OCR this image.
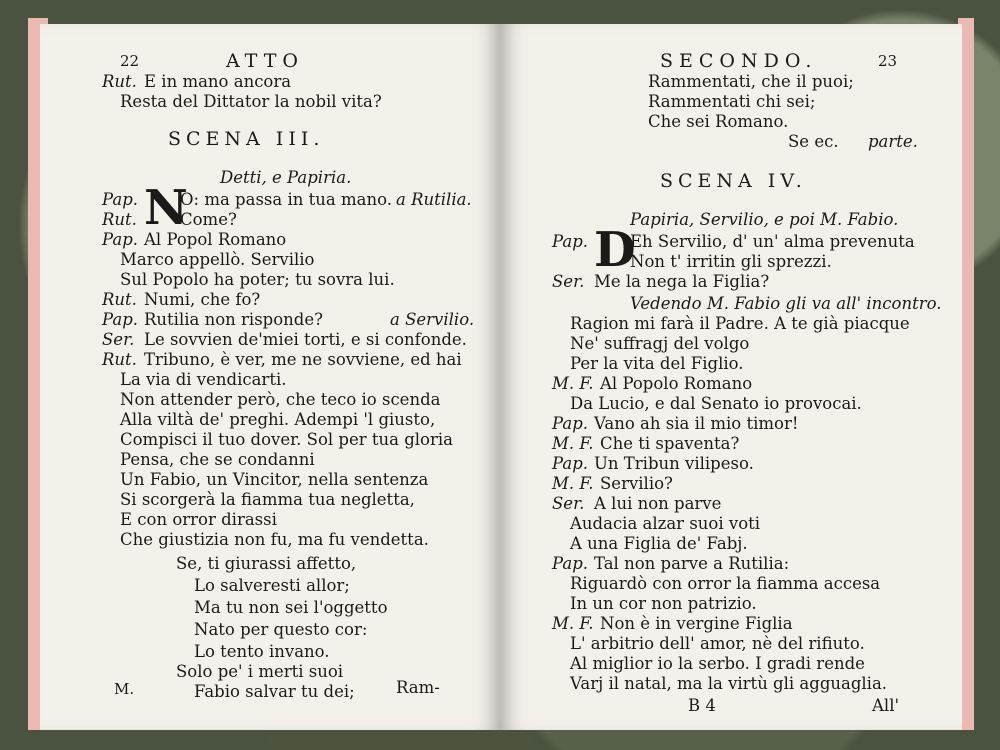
22	ATTO
Rut. E in mano ancora
Resta del Dittator la nobil vita?
SCENA III.
Detti, e Papiria.
N
Pap.	O: ma passa in tua mano. a Rutilia.
Rut.	Come?
Pap. Al Popol Romano
Marco appellò. Servilio
Sul Popolo ha poter; tu sovra lui.
Rut. Numi, che fo?
Pap. Rutilia non risponde?	a Servilio.
Ser. Le sovvien de'miei torti, e si confonde.
Rut. Tribuno, è ver, me ne sovviene, ed hai
La via di vendicarti.
Non attender però, che teco io scenda
Alla viltà de' preghi. Adempi 'l giusto,
Compisci il tuo dover. Sol per tua gloria
Pensa, che se condanni
Un Fabio, un Vincitor, nella sentenza
Si scorgerà la fiamma tua negletta,
E con orror dirassi
Che giustizia non fu, ma fu vendetta.
Se, ti giurassi affetto,
Lo salveresti allor;
Ma tu non sei l'oggetto
Nato per questo cor:
Lo tento invano.
Solo pe' i merti suoi
Fabio salvar tu dei;
M.	Ram-
SECONDO.	23
Rammentati, che il puoi;
Rammentati chi sei;
Che sei Romano.
Se ec. parte.
SCENA IV.
Papiria, Servilio, e poi M. Fabio.
D
Pap.	Eh Servilio, d' un' alma prevenuta
Non t' irritin gli sprezzi.
Ser. Me la nega la Figlia?
Vedendo M. Fabio gli va all' incontro.
Ragion mi farà il Padre. A te già piacque
Ne' suffragj del volgo
Per la vita del Figlio.
M. F. Al Popolo Romano
Da Lucio, e dal Senato io provocai.
Pap. Vano ah sia il mio timor!
M. F. Che ti spaventa?
Pap. Un Tribun vilipeso.
M. F. Servilio?
Ser. A lui non parve
Audacia alzar suoi voti
A una Figlia de' Fabj.
Pap. Tal non parve a Rutilia:
Riguardò con orror la fiamma accesa
In un cor non patrizio.
M. F. Non è in vergine Figlia
L' arbitrio dell' amor, nè del rifiuto.
Al miglior io la serbo. I gradi rende
Varj il natal, ma la virtù gli agguaglia.
B 4	All'
